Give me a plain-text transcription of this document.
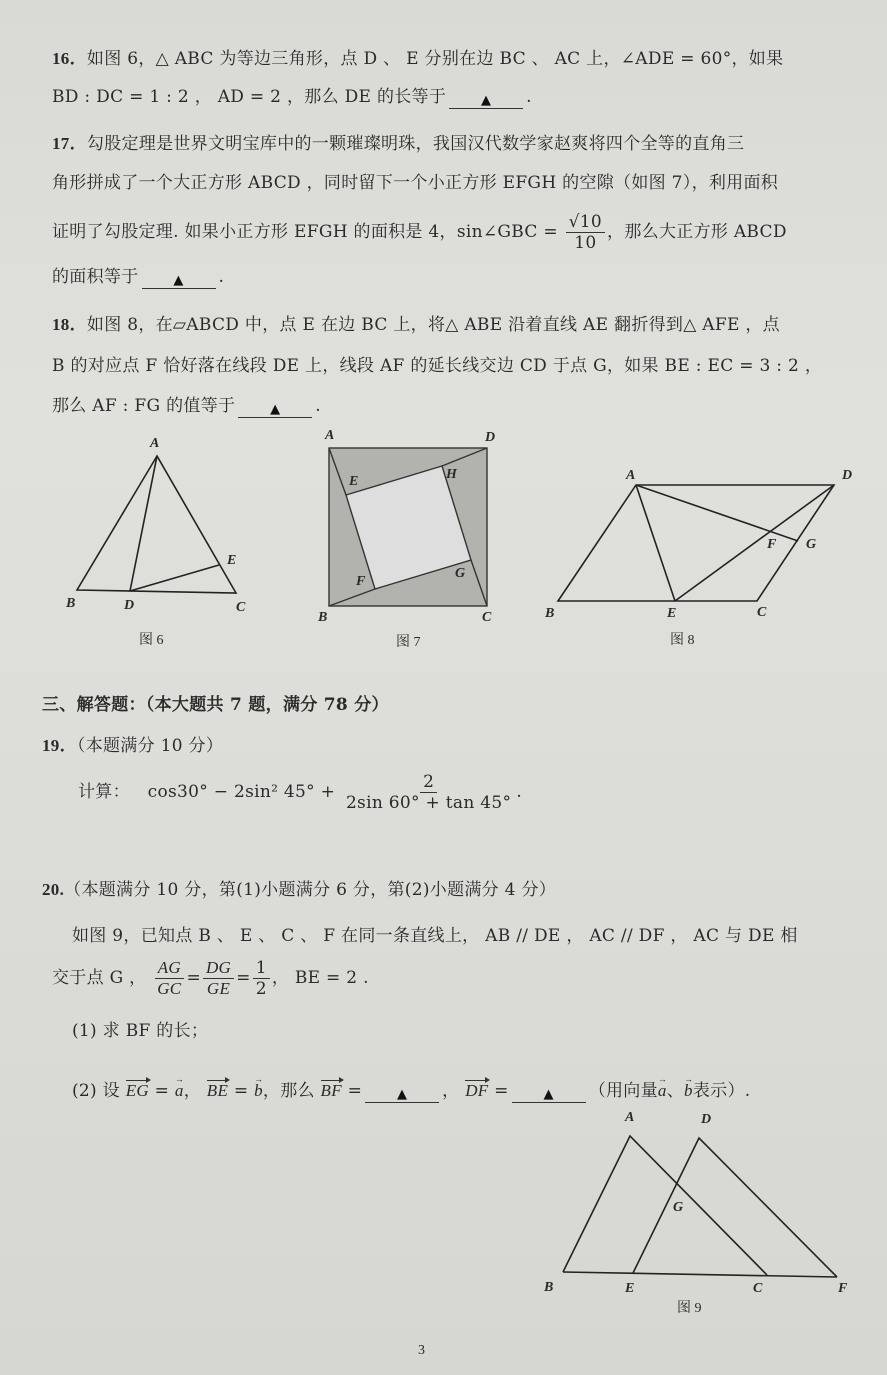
16．如图 6，△ ABC 为等边三角形，点 D 、 E 分别在边 BC 、 AC 上，∠ADE = 60°，如果
BD : DC = 1 : 2 ， AD = 2 ，那么 DE 的长等于	▲ .
17．勾股定理是世界文明宝库中的一颗璀璨明珠，我国汉代数学家赵爽将四个全等的直角三
角形拼成了一个大正方形 ABCD ，同时留下一个小正方形 EFGH 的空隙（如图 7），利用面积
证明了勾股定理. 如果小正方形 EFGH 的面积是 4，sin∠GBC = $\frac{√10}{10}$ ，那么大正方形 ABCD
的面积等于	▲ .
18．如图 8，在▱ABCD 中，点 E 在边 BC 上，将△ ABE 沿着直线 AE 翻折得到△ AFE ，点
B 的对应点 F 恰好落在线段 DE 上，线段 AF 的延长线交边 CD 于点 G，如果 BE : EC = 3 : 2 ，
那么 AF : FG 的值等于	▲ .
A
B	C
D
E
图 6
A
B	C
D
E
F
G
H
图 7
A
B	C
D
E
F G
图 8
三、解答题：（本大题共 7 题，满分 78 分）
19．（本题满分 10 分）
计算： cos30° − 2sin² $45^\circ + \frac{2}{2\sin 60^\circ + \tan 45^\circ}$ .
20.（本题满分 10 分，第(1)小题满分 6 分，第(2)小题满分 4 分）
如图 9，已知点 B 、 E 、 C 、 F 在同一条直线上， AB // DE ， AC // DF ， AC 与 DE 相
交于点 G ， $\frac{AG}{GC} = \frac{DG}{GE} = \frac{1}{2}$ ， BE = 2 .
(1) 求 BF 的长；
(2) 设 EG = → a， BE = → b，那么 BF =	▲ ， DF =	▲ （用向量→ a、→ b表示）.
A
B	C
D
E	F
G
图 9
3
